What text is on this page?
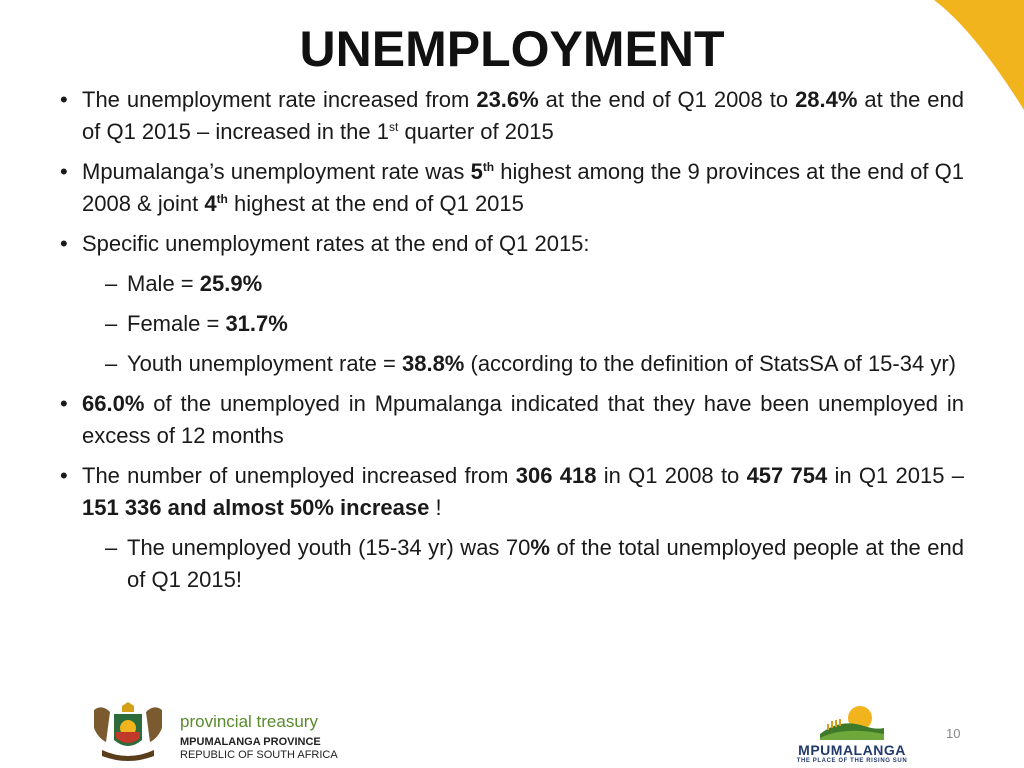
UNEMPLOYMENT
• The unemployment rate increased from 23.6% at the end of Q1 2008 to 28.4% at the end of Q1 2015 – increased in the 1st quarter of 2015
• Mpumalanga’s unemployment rate was 5th highest among the 9 provinces at the end of Q1 2008 & joint 4th highest at the end of Q1 2015
• Specific unemployment rates at the end of Q1 2015:
– Male = 25.9%
– Female = 31.7%
– Youth unemployment rate = 38.8% (according to the definition of StatsSA of 15-34 yr)
• 66.0% of the unemployed in Mpumalanga indicated that they have been unemployed in excess of 12 months
• The number of unemployed increased from 306 418 in Q1 2008 to 457 754 in Q1 2015 – 151 336 and almost 50% increase !
– The unemployed youth (15-34 yr) was 70% of the total unemployed people at the end of Q1 2015!
provincial treasury
MPUMALANGA PROVINCE
REPUBLIC OF SOUTH AFRICA	MPUMALANGA
THE PLACE OF THE RISING SUN
10
